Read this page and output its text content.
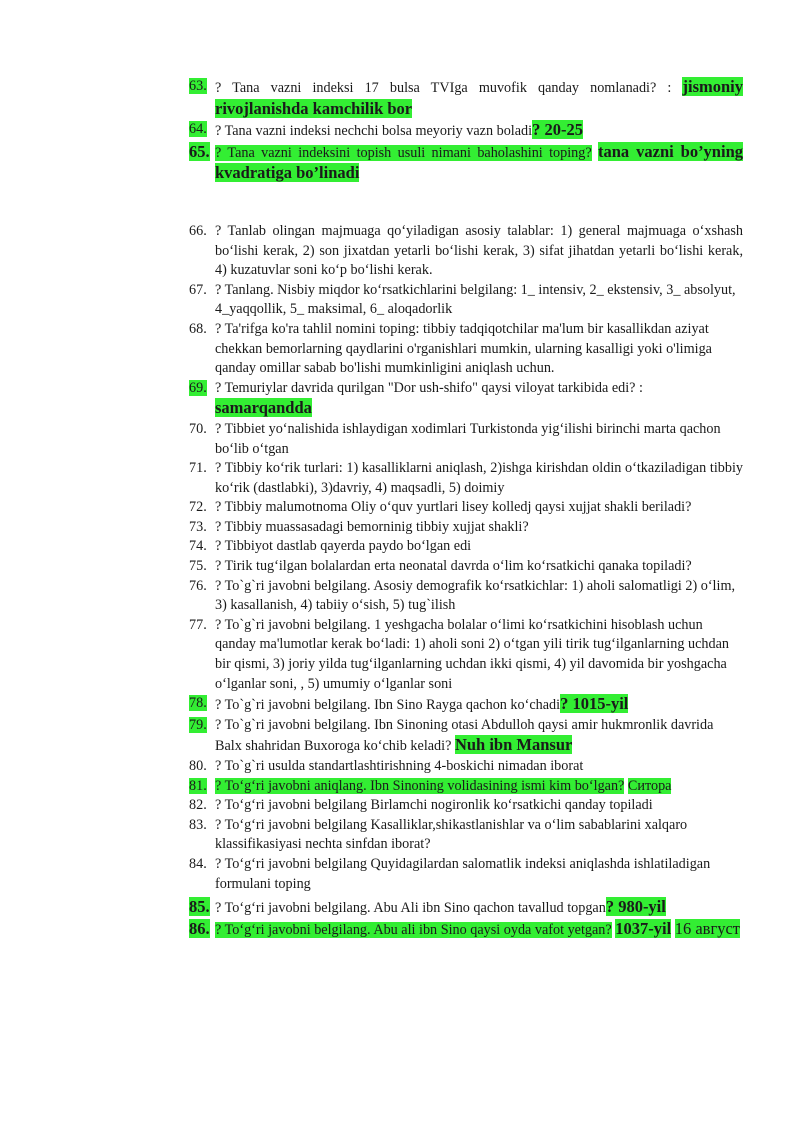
63. ? Tana vazni indeksi 17 bulsa TVIga muvofik qanday nomlanadi? : jismoniy rivojlanishda kamchilik bor
64. ? Tana vazni indeksi nechchi bolsa meyoriy vazn boladi? 20-25
65. ? Tana vazni indeksini topish usuli nimani baholashini toping? tana vazni bo’yning kvadratiga bo’linadi
66. ? Tanlab olingan majmuaga qo‘yiladigan asosiy talablar: 1) general majmuaga o‘xshash bo‘lishi kerak, 2) son jixatdan yetarli bo‘lishi kerak, 3) sifat jihatdan yetarli bo‘lishi kerak, 4) kuzatuvlar soni ko‘p bo‘lishi kerak.
67. ? Tanlang. Nisbiy miqdor ko‘rsatkichlarini belgilang: 1_ intensiv, 2_ ekstensiv, 3_ absolyut, 4_yaqqollik, 5_ maksimal, 6_ aloqadorlik
68. ? Ta'rifga ko'ra tahlil nomini toping: tibbiy tadqiqotchilar ma'lum bir kasallikdan aziyat chekkan bemorlarning qaydlarini o'rganishlari mumkin, ularning kasalligi yoki o'limiga qanday omillar sabab bo'lishi mumkinligini aniqlash uchun.
69. ? Temuriylar davrida qurilgan "Dor ush-shifo" qaysi viloyat tarkibida edi? : samarqandda
70. ? Tibbiet yo‘nalishida ishlaydigan xodimlari Turkistonda yig‘ilishi birinchi marta qachon bo‘lib o‘tgan
71. ? Tibbiy ko‘rik turlari: 1) kasalliklarni aniqlash, 2)ishga kirishdan oldin o‘tkaziladigan tibbiy ko‘rik (dastlabki), 3)davriy, 4) maqsadli, 5) doimiy
72. ? Tibbiy malumotnoma Oliy o‘quv yurtlari lisey kolledj qaysi xujjat shakli beriladi?
73. ? Tibbiy muassasadagi bemorninig tibbiy xujjat shakli?
74. ? Tibbiyot dastlab qayerda paydo bo‘lgan edi
75. ? Tirik tug‘ilgan bolalardan erta neonatal davrda o‘lim ko‘rsatkichi qanaka topiladi?
76. ? To`g`ri javobni belgilang. Asosiy demografik ko‘rsatkichlar: 1) aholi salomatligi 2) o‘lim, 3) kasallanish, 4) tabiiy o‘sish, 5) tug`ilish
77. ? To`g`ri javobni belgilang. 1 yeshgacha bolalar o‘limi ko‘rsatkichini hisoblash uchun qanday ma'lumotlar kerak bo‘ladi: 1) aholi soni 2) o‘tgan yili tirik tug‘ilganlarning uchdan bir qismi, 3) joriy yilda tug‘ilganlarning uchdan ikki qismi, 4) yil davomida bir yoshgacha o‘lganlar soni, , 5) umumiy o‘lganlar soni
78. ? To`g`ri javobni belgilang. Ibn Sino Rayga qachon ko‘chadi? 1015-yil
79. ? To`g`ri javobni belgilang. Ibn Sinoning otasi Abdulloh qaysi amir hukmronlik davrida Balx shahridan Buxoroga ko‘chib keladi? Nuh ibn Mansur
80. ? To`g`ri usulda standartlashtirishning 4-boskichi nimadan iborat
81. ? To‘g‘ri javobni aniqlang. Ibn Sinoning volidasining ismi kim bo‘lgan? Ситора
82. ? To‘g‘ri javobni belgilang Birlamchi nogironlik ko‘rsatkichi qanday topiladi
83. ? To‘g‘ri javobni belgilang Kasalliklar,shikastlanishlar va o‘lim sabablarini xalqaro klassifikasiyasi nechta sinfdan iborat?
84. ? To‘g‘ri javobni belgilang Quyidagilardan salomatlik indeksi aniqlashda ishlatiladigan formulani toping
85. ? To‘g‘ri javobni belgilang. Abu Ali ibn Sino qachon tavallud topgan? 980-yil
86. ? To‘g‘ri javobni belgilang. Abu ali ibn Sino qaysi oyda vafot yetgan? 1037-yil 16 август
